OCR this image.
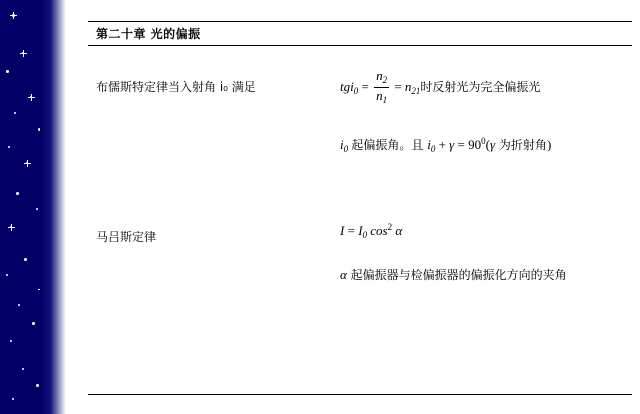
第二十章 光的偏振
布儒斯特定律当入射角 i₀ 满足	$tgi_0 = \frac{n_2}{n_1} = n_{21}$时反射光为完全偏振光
$i_0$ 起偏振角。且 $i_0 + \gamma = 90^0(\gamma$ 为折射角)
马吕斯定律	$I = I_0$ $\cos^2 \alpha$
α 起偏振器与检偏振器的偏振化方向的夹角
